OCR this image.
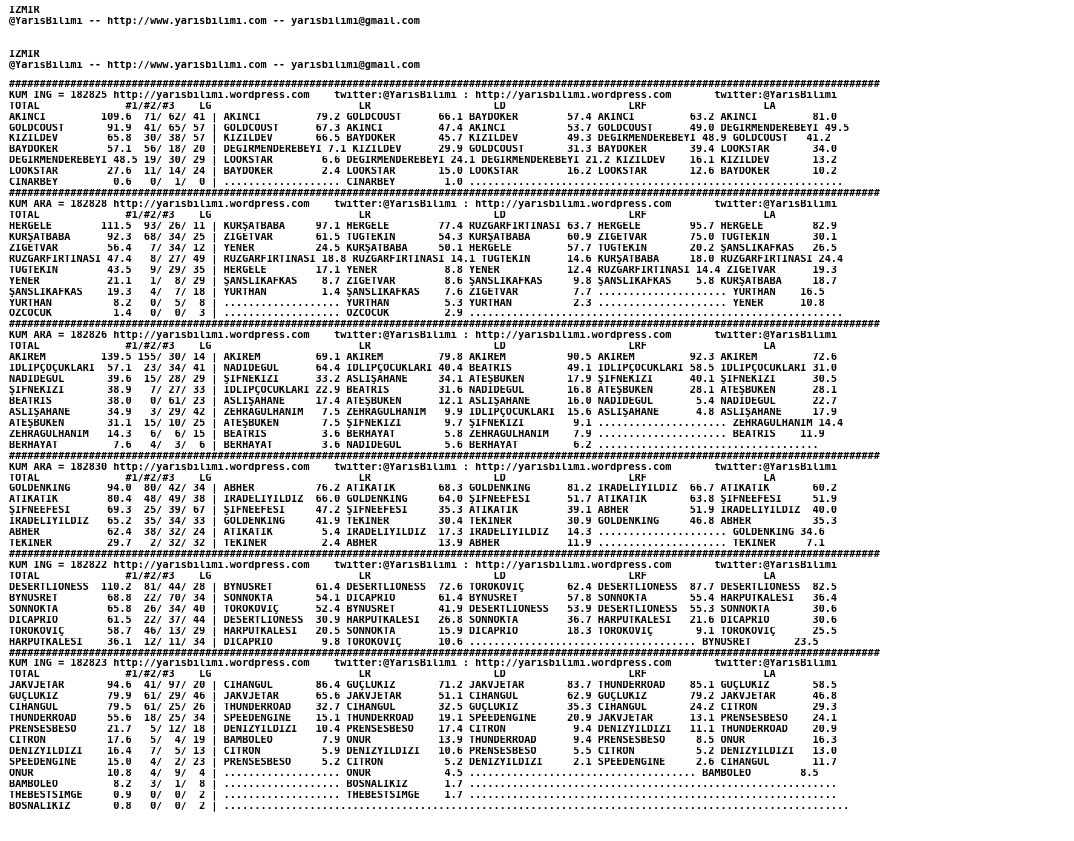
IZMIR
@YarisBilimi -- http://www.yarisbilimi.com -- yarisbilimi@gmail.com
IZMIR
@YarisBilimi -- http://www.yarisbilimi.com -- yarisbilimi@gmail.com
##############################################################################################################################################
KUM ING = 182825 http://yarisbilimi.wordpress.com    twitter:@YarisBilimi : http://yarisbilimi.wordpress.com       twitter:@YarisBilimi
TOTAL              #1/#2/#3    LG                        LR                    LD                    LRF                   LA
AKINCI         109.6  71/ 62/ 41 | AKINCI         79.2 GOLDCOUST      66.1 BAYDÖKER        57.4 AKINCI         63.2 AKINCI         81.0
GOLDCOUST       91.9  41/ 65/ 57 | GOLDCOUST      67.3 AKINCI         47.4 AKINCI          53.7 GOLDCOUST      49.0 DEGİRMENDEREBEYİ 49.5
KIZILDEV        65.8  30/ 38/ 57 | KIZILDEV       66.5 BAYDOKER       45.7 KIZILDEV        49.3 DEGİRMENDEREBEYİ 48.9 GOLDCOUST   41.2
BAYDOKER        57.1  56/ 18/ 20 | DEGİRMENDEREBEYİ 7.1 KIZILDEV      29.9 GOLDCOUST       31.3 BAYDOKER       39.4 LOOKSTAR       34.0
DEGİRMENDEREBEYİ 48.5 19/ 30/ 29 | LOOKSTAR        6.6 DEGİRMENDEREBEYİ 24.1 DEGİRMENDEREBEYİ 21.2 KIZILDEV    16.1 KIZILDEV       13.2
LOOKSTAR        27.6  11/ 14/ 24 | BAYDOKER        2.4 LOOKSTAR       15.0 LOOKSTAR        16.2 LOOKSTAR       12.6 BAYDOKER       10.2
CINARBEY         0.6   0/  1/  0 | ................... CINARBEY        1.0 .............................................................
##############################################################################################################################################
KUM ARA = 182828 http://yarisbilimi.wordpress.com    twitter:@YarisBilimi : http://yarisbilimi.wordpress.com       twitter:@YarisBilimi
TOTAL              #1/#2/#3    LG                        LR                    LD                    LRF                   LA
HERGELE        111.5  93/ 26/ 11 | KURŞATBABA     97.1 HERGELE        77.4 RUZGARFIRTINASI 63.7 HERGELE        95.7 HERGELE        82.9
KURŞATBABA      92.3  68/ 34/ 25 | ZİGETVAR       61.5 TUGTEKIN       54.3 KURŞATBABA      60.9 ZİGETVAR       75.0 TUGTEKIN       30.1
ZİGETVAR        56.4   7/ 34/ 12 | YENER          24.5 KURŞATBABA     50.1 HERGELE         57.7 TUGTEKIN       20.2 ŞANSLIKAFKAS   26.5
RUZGARFIRTINASI 47.4   8/ 27/ 49 | RUZGARFIRTINASI 18.8 RUZGARFIRTINASI 14.1 TUGTEKIN      14.6 KURŞATBABA     18.0 RUZGARFIRTINASI 24.4
TUGTEKIN        43.5   9/ 29/ 35 | HERGELE        17.1 YENER           8.8 YENER           12.4 RUZGARFIRTINASI 14.4 ZİGETVAR      19.3
YENER           21.1   1/  8/ 29 | ŞANSLIKAFKAS    8.7 ZİGETVAR        8.6 ŞANSLIKAFKAS     9.8 ŞANSLIKAFKAS    5.8 KURŞATBABA     18.7
ŞANSLIKAFKAS    19.3   4/  7/ 18 | YURTHAN         1.4 ŞANSLIKAFKAS    7.6 ZİGETVAR         7.7 ..................... YURTHAN    16.5
YURTHAN          8.2   0/  5/  8 | ................... YURTHAN         5.3 YURTHAN          2.3 ..................... YENER      10.8
ÖZCOCUK          1.4   0/  0/  3 | ................... ÖZCOCUK         2.9 .............................................................
##############################################################################################################################################
KUM ARA = 182826 http://yarisbilimi.wordpress.com    twitter:@YarisBilimi : http://yarisbilimi.wordpress.com       twitter:@YarisBilimi
TOTAL              #1/#2/#3    LG                        LR                    LD                    LRF                   LA
AKİREM         139.5 155/ 30/ 14 | AKİREM         69.1 AKİREM         79.8 AKİREM          90.5 AKİREM         92.3 AKİREM         72.6
İDLİPÇOÇUKLARI  57.1  23/ 34/ 41 | NADİDEGÜL      64.4 İDLİPÇOCUKLARI 40.4 BEATRİS         49.1 İDLİPÇOCUKLARI 58.5 İDLİPÇOCUKLARI 31.0
NADİDEGÜL       39.6  15/ 28/ 29 | ŞİFNEKİZİ      33.2 ASLIŞAHANE     34.1 ATEŞBÜKEN       17.9 ŞİFNEKİZİ      40.1 ŞİFNEKİZİ      30.5
ŞİFNEKİZİ       38.9   7/ 27/ 33 | İDLİPÇOCUKLARI 22.9 BEATRİS        31.6 NADİDEGÜL       16.8 ATEŞBÜKEN      28.1 ATEŞBÜKEN      28.1
BEATRİS         38.0   0/ 61/ 23 | ASLIŞAHANE     17.4 ATEŞBÜKEN      12.1 ASLIŞAHANE      16.0 NADİDEGÜL       5.4 NADİDEGÜL      22.7
ASLIŞAHANE      34.9   3/ 29/ 42 | ZEHRAGULHANIM   7.5 ZEHRAGULHANIM   9.9 İDLİPÇOCUKLARI  15.6 ASLIŞAHANE      4.8 ASLIŞAHANE     17.9
ATEŞBÜKEN       31.1  15/ 10/ 25 | ATEŞBÜKEN       7.5 ŞİFNEKİZİ       9.7 ŞİFNEKİZİ        9.1 ..................... ZEHRAGULHANIM 14.4
ZEHRAGULHANIM   14.3   6/  6/ 15 | BEATRİS         3.6 BERHAYAT        5.8 ZEHRAGULHANIM    7.9 ..................... BEATRİS    11.9
BERHAYAT         7.6   4/  3/  6 | BERHAYAT        3.6 NADİDEGÜL       5.6 BERHAYAT         6.2 ....................................
##############################################################################################################################################
KUM ARA = 182830 http://yarisbilimi.wordpress.com    twitter:@YarisBilimi : http://yarisbilimi.wordpress.com       twitter:@YarisBilimi
TOTAL              #1/#2/#3    LG                        LR                    LD                    LRF                   LA
GOLDENKING      94.0  80/ 42/ 34 | ABHER          76.2 ATİKATİK       68.3 GOLDENKING      81.2 İRADELİYILDIZ  66.7 ATİKATİK       60.2
ATİKATİK        80.4  48/ 49/ 38 | İRADELİYILDIZ  66.0 GOLDENKING     64.0 ŞİFNEEFESİ      51.7 ATİKATİK       63.8 ŞİFNEEFESİ     51.9
ŞİFNEEFESİ      69.3  25/ 39/ 67 | ŞİFNEEFESİ     47.2 ŞİFNEEFESİ     35.3 ATİKATİK        39.1 ABHER          51.9 İRADELİYILDIZ  40.0
İRADELİYILDIZ   65.2  35/ 34/ 33 | GOLDENKING     41.9 TEKİNER        30.4 TEKİNER         30.9 GOLDENKING     46.8 ABHER          35.3
ABHER           62.4  38/ 32/ 24 | ATİKATİK        5.4 İRADELİYILDIZ  17.3 İRADELİYILDIZ   14.3 ..................... GOLDENKING 34.6
TEKİNER         29.7   2/ 32/ 32 | TEKİNER         2.4 ABHER          13.9 ABHER           11.9 ..................... TEKİNER     7.1
##############################################################################################################################################
KUM ING = 182822 http://yarisbilimi.wordpress.com    twitter:@YarisBilimi : http://yarisbilimi.wordpress.com       twitter:@YarisBilimi
TOTAL              #1/#2/#3    LG                        LR                    LD                    LRF                   LA
DESERTLIONESS  110.2  81/ 44/ 28 | BYNUSRET       61.4 DESERTLIONESS  72.6 TOROKOVİÇ       62.4 DESERTLIONESS  87.7 DESERTLIONESS  82.5
BYNUSRET        68.8  22/ 70/ 34 | SONNOKTA       54.1 DICAPRIO       61.4 BYNUSRET        57.8 SONNOKTA       55.4 HARPUTKALESİ   36.4
SONNOKTA        65.8  26/ 34/ 40 | TOROKOVİÇ      52.4 BYNUSRET       41.9 DESERTLIONESS   53.9 DESERTLIONESS  55.3 SONNOKTA       30.6
DICAPRIO        61.5  22/ 37/ 44 | DESERTLIONESS  30.9 HARPUTKALESİ   26.8 SONNOKTA        36.7 HARPUTKALESİ   21.6 DICAPRIO       30.6
TOROKOVİÇ       58.7  46/ 13/ 29 | HARPUTKALESİ   20.5 SONNOKTA       15.9 DICAPRIO        18.3 TOROKOVİÇ       9.1 TOROKOVİÇ      25.5
HARPUTKALESİ    36.1  12/ 11/ 34 | DICAPRIO        9.8 TOROKOVİÇ      10.6 ..................................... BYNUSRET       23.5
##############################################################################################################################################
KUM ING = 182823 http://yarisbilimi.wordpress.com    twitter:@YarisBilimi : http://yarisbilimi.wordpress.com       twitter:@YarisBilimi
TOTAL              #1/#2/#3    LG                        LR                    LD                    LRF                   LA
JAKVJETAR       94.6  41/ 97/ 20 | CİHANGÜL       86.4 GUÇLÜKIZ       71.2 JAKVJETAR       83.7 THUNDERROAD    85.1 GUÇLÜKIZ       58.5
GUÇLÜKIZ        79.9  61/ 29/ 46 | JAKVJETAR      65.6 JAKVJETAR      51.1 CİHANGÜL        62.9 GUÇLÜKIZ       79.2 JAKVJETAR      46.8
CİHANGÜL        79.5  61/ 25/ 26 | THUNDERROAD    32.7 CİHANGÜL       32.5 GUÇLÜKIZ        35.3 CİHANGÜL       24.2 CİTRON         29.3
THUNDERROAD     55.6  18/ 25/ 34 | SPEEDENGINE    15.1 THUNDERROAD    19.1 SPEEDENGINE     20.9 JAKVJETAR      13.1 PRENSESBESO    24.1
PRENSESBESO     21.7   5/ 12/ 18 | DENİZYILDIZI   10.4 PRENSESBESO    17.4 CİTRON           9.4 DENİZYILDIZI   11.1 THUNDERROAD    20.9
CİTRON          17.6   5/  4/ 19 | BAMBOLEO        7.9 ONUR           13.9 THUNDERROAD      9.4 PRENSESBESO     8.5 ONUR           16.3
DENİZYILDIZI    16.4   7/  5/ 13 | CİTRON          5.9 DENİZYILDIZI   10.6 PRENSESBESO      5.5 CİTRON          5.2 DENİZYILDIZI   13.0
SPEEDENGINE     15.0   4/  2/ 23 | PRENSESBESO     5.2 CİTRON          5.2 DENİZYILDIZI     2.1 SPEEDENGINE     2.6 CİHANGÜL       11.7
ONUR            10.8   4/  9/  4 | ................... ONUR            4.5 ..................................... BAMBOLEO        8.5
BAMBOLEO         8.2   3/  1/  8 | ................... BOSNALIKIZ      1.7 ............................................................
THEBESTSIMGE     0.9   0/  0/  2 | ................... THEBESTSIMGE    1.7 ............................................................
BOSNALIKIZ       0.8   0/  0/  2 | ......................................................................................................
